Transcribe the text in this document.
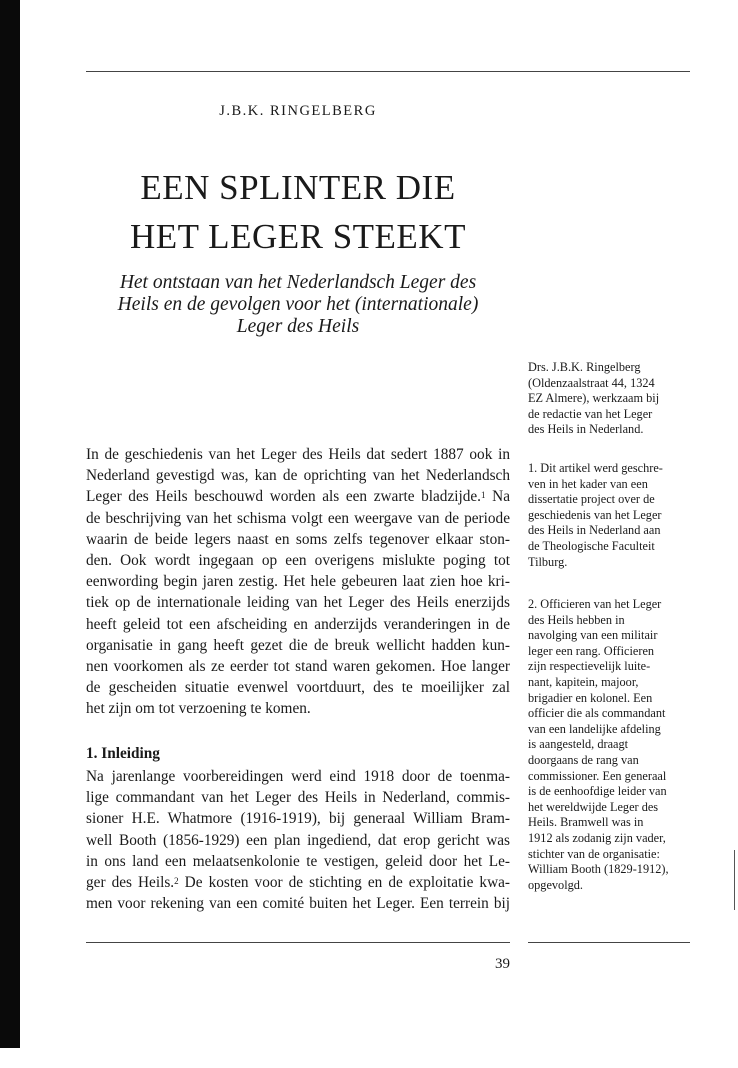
J.B.K. RINGELBERG
EEN SPLINTER DIE
HET LEGER STEEKT
Het ontstaan van het Nederlandsch Leger des
Heils en de gevolgen voor het (internationale)
Leger des Heils
In de geschiedenis van het Leger des Heils dat sedert 1887 ook in
Nederland gevestigd was, kan de oprichting van het Nederlandsch
Leger des Heils beschouwd worden als een zwarte bladzijde.$^1$ Na
de beschrijving van het schisma volgt een weergave van de periode
waarin de beide legers naast en soms zelfs tegenover elkaar ston-
den. Ook wordt ingegaan op een overigens mislukte poging tot
eenwording begin jaren zestig. Het hele gebeuren laat zien hoe kri-
tiek op de internationale leiding van het Leger des Heils enerzijds
heeft geleid tot een afscheiding en anderzijds veranderingen in de
organisatie in gang heeft gezet die de breuk wellicht hadden kun-
nen voorkomen als ze eerder tot stand waren gekomen. Hoe langer
de gescheiden situatie evenwel voortduurt, des te moeilijker zal
het zijn om tot verzoening te komen.
1. Inleiding
Na jarenlange voorbereidingen werd eind 1918 door de toenma-
lige commandant van het Leger des Heils in Nederland, commis-
sioner H.E. Whatmore (1916-1919), bij generaal William Bram-
well Booth (1856-1929) een plan ingediend, dat erop gericht was
in ons land een melaatsenkolonie te vestigen, geleid door het Le-
ger des Heils.$^2$ De kosten voor de stichting en de exploitatie kwa-
men voor rekening van een comité buiten het Leger. Een terrein bij
Drs. J.B.K. Ringelberg
(Oldenzaalstraat 44, 1324
EZ Almere), werkzaam bij
de redactie van het Leger
des Heils in Nederland.
1. Dit artikel werd geschre-
ven in het kader van een
dissertatie project over de
geschiedenis van het Leger
des Heils in Nederland aan
de Theologische Faculteit
Tilburg.
2. Officieren van het Leger
des Heils hebben in
navolging van een militair
leger een rang. Officieren
zijn respectievelijk luite-
nant, kapitein, majoor,
brigadier en kolonel. Een
officier die als commandant
van een landelijke afdeling
is aangesteld, draagt
doorgaans de rang van
commissioner. Een generaal
is de eenhoofdige leider van
het wereldwijde Leger des
Heils. Bramwell was in
1912 als zodanig zijn vader,
stichter van de organisatie:
William Booth (1829-1912),
opgevolgd.
39
